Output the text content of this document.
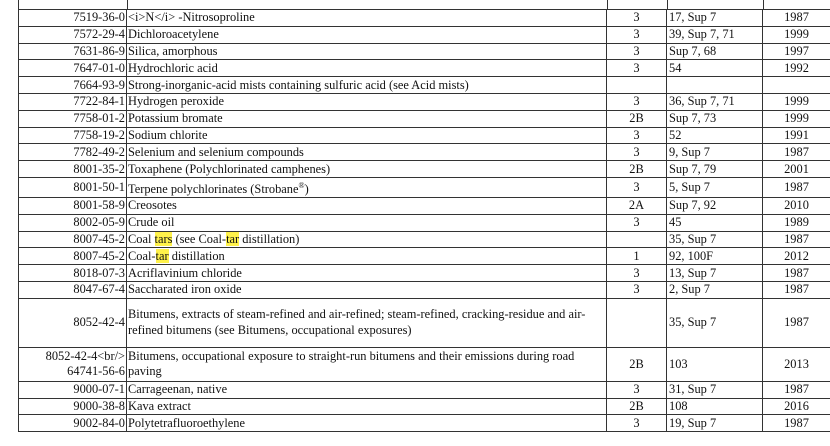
7519-36-0	<i>N</i> -Nitrosoproline	3	17, Sup 7	1987
7572-29-4	Dichloroacetylene	3	39, Sup 7, 71	1999
7631-86-9	Silica, amorphous	3	Sup 7, 68	1997
7647-01-0	Hydrochloric acid	3	54	1992
7664-93-9	Strong-inorganic-acid mists containing sulfuric acid (see Acid mists)			
7722-84-1	Hydrogen peroxide	3	36, Sup 7, 71	1999
7758-01-2	Potassium bromate	2B	Sup 7, 73	1999
7758-19-2	Sodium chlorite	3	52	1991
7782-49-2	Selenium and selenium compounds	3	9, Sup 7	1987
8001-35-2	Toxaphene (Polychlorinated camphenes)	2B	Sup 7, 79	2001
8001-50-1	Terpene polychlorinates (Strobane®)	3	5, Sup 7	1987
8001-58-9	Creosotes	2A	Sup 7, 92	2010
8002-05-9	Crude oil	3	45	1989
8007-45-2	Coal tars (see Coal-tar distillation)		35, Sup 7	1987
8007-45-2	Coal-tar distillation	1	92, 100F	2012
8018-07-3	Acriflavinium chloride	3	13, Sup 7	1987
8047-67-4	Saccharated iron oxide	3	2, Sup 7	1987
8052-42-4	Bitumens, extracts of steam-refined and air-refined; steam-refined, cracking-residue and air-refined bitumens (see Bitumens, occupational exposures)		35, Sup 7	1987

8052-42-4<br/>
64741-56-6	Bitumens, occupational exposure to straight-run bitumens and their emissions during road paving	2B	103	2013
9000-07-1	Carrageenan, native	3	31, Sup 7	1987
9000-38-8	Kava extract	2B	108	2016
9002-84-0	Polytetrafluoroethylene	3	19, Sup 7	1987
